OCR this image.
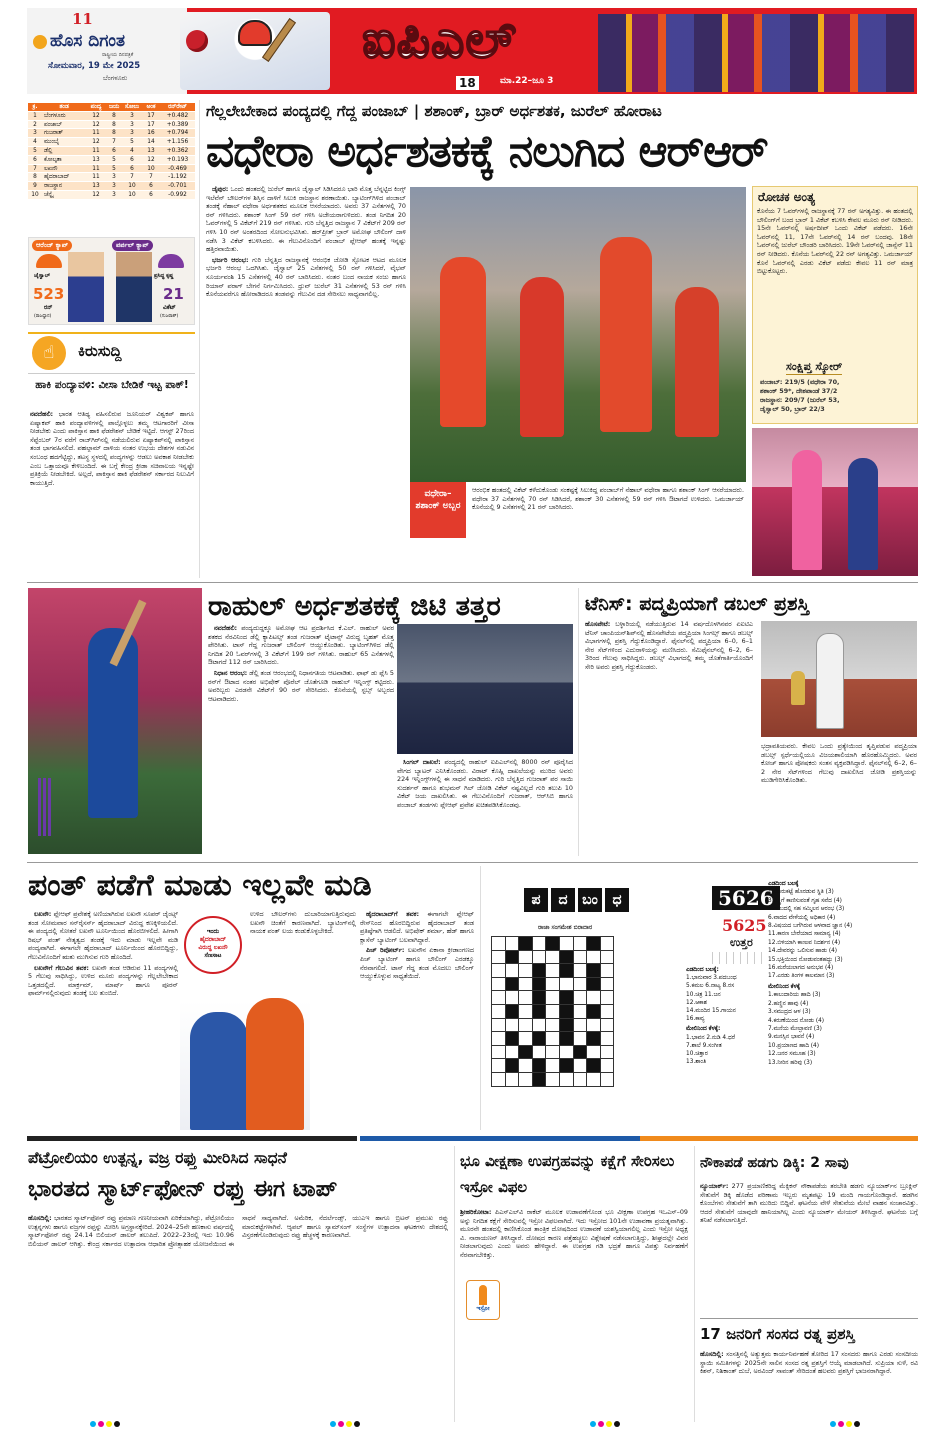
11
ಹೊಸ ದಿಗಂತ
ರಾಷ್ಟ್ರೀಯ ದಿನಪತ್ರಿಕೆ
ಸೋಮವಾರ, 19 ಮೇ 2025
ಬೆಂಗಳೂರು
ಐಪಿಎಲ್
18	ಮಾ.22–ಜೂ 3
ಕ್ರ.	ತಂಡ	ಪಂದ್ಯ	ಜಯ	ಸೋಲು	ಅಂಕ	ರನ್‌ರೇಟ್
1	ಬೆಂಗಳೂರು	12	8	3	17	+0.482
2	ಪಂಜಾಬ್	12	8	3	17	+0.389
3	ಗುಜರಾತ್	11	8	3	16	+0.794
4	ಮುಂಬೈ	12	7	5	14	+1.156
5	ಡೆಲ್ಲಿ	11	6	4	13	+0.362
6	ಕೋಲ್ಕತಾ	13	5	6	12	+0.193
7	ಲಖನೌ	11	5	6	10	-0.469
8	ಹೈದರಾಬಾದ್	11	3	7	7	-1.192
9	ರಾಜಸ್ಥಾನ	13	3	10	6	-0.701
10 ಚೆನ್ನೈ	12	3	10	6	-0.992
ಆರೆಂಜ್ ಕ್ಯಾಪ್	ಪರ್ಪಲ್ ಕ್ಯಾಪ್
ಜೈಸ್ವಾಲ್
523
ರನ್
(ರಾಜಸ್ಥಾನ)
ಪ್ರಸಿದ್ಧ ಕೃಷ್ಣ
21
ವಿಕೆಟ್
(ಗುಜರಾತ್)
☝	ಕಿರುಸುದ್ದಿ
ಹಾಕಿ ಪಂದ್ಯಾವಳಿ: ವೀಸಾ ಬೇಡಿಕೆ ಇಟ್ಟ ಪಾಕ್!
ನವದೆಹಲಿ: ಭಾರತ ಆತಿಥ್ಯ ವಹಿಸಲಿರುವ ಜೂನಿಯರ್ ವಿಶ್ವಕಪ್ ಹಾಗೂ ಏಷ್ಯಾಕಪ್ ಹಾಕಿ ಪಂದ್ಯಾವಳಿಗಳಲ್ಲಿ ಪಾಲ್ಗೊಳ್ಳಲು ತಮ್ಮ ಆಟಗಾರರಿಗೆ ವೀಸಾ ನೀಡಬೇಕು ಎಂದು ಪಾಕಿಸ್ತಾನ ಹಾಕಿ ಫೆಡರೇಶನ್ ಬೇಡಿಕೆ ಇಟ್ಟಿದೆ. ಆಗಸ್ಟ್ 27ರಿಂದ ಸೆಪ್ಟೆಂಬರ್ 7ರ ವರೆಗೆ ರಾಜ್‌ಗಿರ್‌ನಲ್ಲಿ ನಡೆಯಲಿರುವ ಏಷ್ಯಾಕಪ್‌ನಲ್ಲಿ ಪಾಕಿಸ್ತಾನ ತಂಡ ಭಾಗವಹಿಸಲಿದೆ. ಪಹಲ್ಗಾಮ್ ದಾಳಿಯ ನಂತರ ಉಭಯ ದೇಶಗಳ ನಡುವಿನ ಸಂಬಂಧ ಹದಗೆಟ್ಟಿದ್ದು, ತಟಸ್ಥ ಸ್ಥಳದಲ್ಲಿ ಪಂದ್ಯಗಳನ್ನು ಆಡಲು ಅವಕಾಶ ನೀಡಬೇಕು ಎಂಬ ಒತ್ತಾಯವೂ ಕೇಳಿಬಂದಿದೆ. ಈ ಬಗ್ಗೆ ಕೇಂದ್ರ ಕ್ರೀಡಾ ಸಚಿವಾಲಯ ಇನ್ನಷ್ಟೇ ಪ್ರತಿಕ್ರಿಯೆ ನೀಡಬೇಕಿದೆ. ಅಲ್ಲದೆ, ಪಾಕಿಸ್ತಾನ ಹಾಕಿ ಫೆಡರೇಶನ್ ಸರ್ಕಾರದ ನಿಲುವಿಗೆ ಕಾಯುತ್ತಿದೆ.
ಗೆಲ್ಲಲೇಬೇಕಾದ ಪಂದ್ಯದಲ್ಲಿ ಗೆದ್ದ ಪಂಜಾಬ್ | ಶಶಾಂಕ್, ಬ್ರಾರ್ ಅರ್ಧಶತಕ, ಜುರೆಲ್ ಹೋರಾಟ
ವಧೇರಾ ಅರ್ಧಶತಕಕ್ಕೆ ನಲುಗಿದ ಆರ್‌ಆರ್

ಜೈಪುರ: ಒಂದು ಹಂತದಲ್ಲಿ ಜುರೆಲ್ ಹಾಗೂ ಜೈಸ್ವಾಲ್ ಸಿಡಿಸಿದರೂ ಭಾರಿ ಮೊತ್ತ ಬೆನ್ನಟ್ಟಿದ ಕಿಂಗ್ಸ್ ಇಲೆವೆನ್ ಬೌಲರ್‌ಗಳ ಶಿಸ್ತಿನ ದಾಳಿಗೆ ಸಿಲುಕಿ ರಾಜಸ್ಥಾನ ಶರಣಾಯಿತು. ಬ್ಯಾಟಿಂಗ್‌ಗಿಳಿದ ಪಂಜಾಬ್ ತಂಡಕ್ಕೆ ನೆಹಾಲ್ ವಧೇರಾ ಅರ್ಧಶತಕದ ಮೂಲಕ ಆಸರೆಯಾದರು. ಅವರು 37 ಎಸೆತಗಳಲ್ಲಿ 70 ರನ್ ಗಳಿಸಿದರು. ಶಶಾಂಕ್ ಸಿಂಗ್ 59 ರನ್ ಗಳಿಸಿ ಅಜೇಯರಾಗುಳಿದರು. ತಂಡ ನಿಗದಿತ 20 ಓವರ್‌ಗಳಲ್ಲಿ 5 ವಿಕೆಟ್‌ಗೆ 219 ರನ್ ಗಳಿಸಿತು. ಗುರಿ ಬೆನ್ನತ್ತಿದ ರಾಜಸ್ಥಾನ 7 ವಿಕೆಟ್‌ಗೆ 209 ರನ್ ಗಳಿಸಿ 10 ರನ್ ಅಂತರದಿಂದ ಸೋಲನುಭವಿಸಿತು. ಹರ್‌ಪ್ರೀತ್ ಬ್ರಾರ್ ಅಮೋಘ ಬೌಲಿಂಗ್ ದಾಳಿ ನಡೆಸಿ 3 ವಿಕೆಟ್ ಕಬಳಿಸಿದರು. ಈ ಗೆಲುವಿನೊಂದಿಗೆ ಪಂಜಾಬ್ ಪ್ಲೇಆಫ್ ಹಂತಕ್ಕೆ ಇನ್ನಷ್ಟು ಹತ್ತಿರವಾಯಿತು.

ಭರ್ಜರಿ ಆರಂಭ: ಗುರಿ ಬೆನ್ನತ್ತಿದ ರಾಜಸ್ಥಾನಕ್ಕೆ ಆರಂಭಿಕ ಜೋಡಿ ಸ್ಫೋಟಕ ಆಟದ ಮೂಲಕ ಭರ್ಜರಿ ಆರಂಭ ಒದಗಿಸಿತು. ಜೈಸ್ವಾಲ್ 25 ಎಸೆತಗಳಲ್ಲಿ 50 ರನ್ ಗಳಿಸಿದರೆ, ವೈಭವ್ ಸೂರ್ಯವಂಶಿ 15 ಎಸೆತಗಳಲ್ಲಿ 40 ರನ್ ಬಾರಿಸಿದರು. ನಂತರ ಬಂದ ನಾಯಕ ಸಂಜು ಹಾಗೂ ರಿಯಾನ್ ಪರಾಗ್ ಬೇಗನೆ ನಿರ್ಗಮಿಸಿದರು. ಧ್ರುವ್ ಜುರೆಲ್ 31 ಎಸೆತಗಳಲ್ಲಿ 53 ರನ್ ಗಳಿಸಿ ಕೊನೆಯವರೆಗೂ ಹೋರಾಡಿದರೂ ತಂಡವನ್ನು ಗೆಲುವಿನ ದಡ ಸೇರಿಸಲು ಸಾಧ್ಯವಾಗಲಿಲ್ಲ.

ವಧೇರಾ–ಶಶಾಂಕ್ ಅಬ್ಬರ
ಆರಂಭಿಕ ಹಂತದಲ್ಲಿ ವಿಕೆಟ್ ಕಳೆದುಕೊಂಡು ಸಂಕಷ್ಟಕ್ಕೆ ಸಿಲುಕಿದ್ದ ಪಂಜಾಬ್‌ಗೆ ನೆಹಾಲ್ ವಧೇರಾ ಹಾಗೂ ಶಶಾಂಕ್ ಸಿಂಗ್ ಆಸರೆಯಾದರು. ವಧೇರಾ 37 ಎಸೆತಗಳಲ್ಲಿ 70 ರನ್ ಸಿಡಿಸಿದರೆ, ಶಶಾಂಕ್ 30 ಎಸೆತಗಳಲ್ಲಿ 59 ರನ್ ಗಳಿಸಿ ಔಟಾಗದೆ ಉಳಿದರು. ಒಮರ್ಜಾಯ್ ಕೊನೆಯಲ್ಲಿ 9 ಎಸೆತಗಳಲ್ಲಿ 21 ರನ್ ಬಾರಿಸಿದರು.
ರೋಚಕ ಅಂತ್ಯ
ಕೊನೆಯ 7 ಓವರ್‌ಗಳಲ್ಲಿ ರಾಜಸ್ಥಾನಕ್ಕೆ 77 ರನ್ ಅಗತ್ಯವಿತ್ತು. ಈ ಹಂತದಲ್ಲಿ ಬೌಲಿಂಗ್‌ಗೆ ಬಂದ ಬ್ರಾರ್ 1 ವಿಕೆಟ್ ಕಬಳಿಸಿ ಕೇವಲ ಮೂರು ರನ್ ನೀಡಿದರು. 15ನೇ ಓವರ್‌ನಲ್ಲಿ ಅರ್ಷದೀಪ್ ಒಂದು ವಿಕೆಟ್ ಪಡೆದರು. 16ನೇ ಓವರ್‌ನಲ್ಲಿ 11, 17ನೇ ಓವರ್‌ನಲ್ಲಿ 14 ರನ್ ಬಂದವು. 18ನೇ ಓವರ್‌ನಲ್ಲಿ ಜುರೆಲ್ ಬೌಂಡರಿ ಬಾರಿಸಿದರು. 19ನೇ ಓವರ್‌ನಲ್ಲಿ ಜಾನ್ಸೆನ್ 11 ರನ್ ನೀಡಿದರು. ಕೊನೆಯ ಓವರ್‌ನಲ್ಲಿ 22 ರನ್ ಅಗತ್ಯವಿತ್ತು. ಒಮರ್ಜಾಯ್ ಕೊನೆ ಓವರ್‌ನಲ್ಲಿ ಎರಡು ವಿಕೆಟ್ ಪಡೆದು ಕೇವಲ 11 ರನ್ ಮಾತ್ರ ಬಿಟ್ಟುಕೊಟ್ಟರು.
ಸಂಕ್ಷಿಪ್ತ ಸ್ಕೋರ್
ಪಂಜಾಬ್: 219/5 (ವಧೇರಾ 70,
ಶಶಾಂಕ್ 59*, ದೇಶಪಾಂಡೆ 37/2
ರಾಜಸ್ಥಾನ: 209/7 (ಜುರೆಲ್ 53,
ಜೈಸ್ವಾಲ್ 50, ಬ್ರಾರ್ 22/3
ರಾಹುಲ್ ಅರ್ಧಶತಕಕ್ಕೆ ಜಿಟಿ ತತ್ತರ

ನವದೆಹಲಿ: ಪಂದ್ಯದುದ್ದಕ್ಕೂ ಅಮೋಘ ಆಟ ಪ್ರದರ್ಶಿಸಿದ ಕೆ.ಎಲ್. ರಾಹುಲ್ ಅವರ ಶತಕದ ನೆರವಿನಿಂದ ಡೆಲ್ಲಿ ಕ್ಯಾಪಿಟಲ್ಸ್ ತಂಡ ಗುಜರಾತ್ ಟೈಟಾನ್ಸ್ ವಿರುದ್ಧ ಬೃಹತ್ ಮೊತ್ತ ಪೇರಿಸಿತು. ಟಾಸ್ ಗೆದ್ದ ಗುಜರಾತ್ ಬೌಲಿಂಗ್ ಆಯ್ದುಕೊಂಡಿತು. ಬ್ಯಾಟಿಂಗ್‌ಗಿಳಿದ ಡೆಲ್ಲಿ ನಿಗದಿತ 20 ಓವರ್‌ಗಳಲ್ಲಿ 3 ವಿಕೆಟ್‌ಗೆ 199 ರನ್ ಗಳಿಸಿತು. ರಾಹುಲ್ 65 ಎಸೆತಗಳಲ್ಲಿ ಔಟಾಗದೆ 112 ರನ್ ಬಾರಿಸಿದರು.

ನಿಧಾನ ಆರಂಭ: ಡೆಲ್ಲಿ ತಂಡ ಆರಂಭದಲ್ಲಿ ನಿಧಾನಗತಿಯ ಆಟವಾಡಿತು. ಫಾಫ್ ಡು ಪ್ಲೆಸಿ 5 ರನ್‌ಗೆ ಔಟಾದ ನಂತರ ಅಭಿಷೇಕ್ ಪೊರೆಲ್ ಜೊತೆಗೂಡಿ ರಾಹುಲ್ ಇನ್ನಿಂಗ್ಸ್ ಕಟ್ಟಿದರು. ಅವರಿಬ್ಬರು ಎರಡನೇ ವಿಕೆಟ್‌ಗೆ 90 ರನ್ ಸೇರಿಸಿದರು. ಕೊನೆಯಲ್ಲಿ ಸ್ಟಬ್ಸ್ ಅಬ್ಬರದ ಆಟವಾಡಿದರು.

ಸಿಂಗಲ್ ದಾಖಲೆ: ಪಂದ್ಯದಲ್ಲಿ ರಾಹುಲ್ ಐಪಿಎಲ್‌ನಲ್ಲಿ 8000 ರನ್ ಪೂರೈಸಿದ ವೇಗದ ಬ್ಯಾಟರ್ ಎನಿಸಿಕೊಂಡರು. ವಿರಾಟ್ ಕೊಹ್ಲಿ ದಾಖಲೆಯನ್ನು ಮುರಿದ ಅವರು 224 ಇನ್ನಿಂಗ್ಸ್‌ಗಳಲ್ಲಿ ಈ ಸಾಧನೆ ಮಾಡಿದರು. ಗುರಿ ಬೆನ್ನತ್ತಿದ ಗುಜರಾತ್ ಪರ ಸಾಯಿ ಸುದರ್ಶನ್ ಹಾಗೂ ಶುಭಮನ್ ಗಿಲ್ ಜೋಡಿ ವಿಕೆಟ್ ನಷ್ಟವಿಲ್ಲದೆ ಗುರಿ ತಲುಪಿ 10 ವಿಕೆಟ್ ಜಯ ದಾಖಲಿಸಿತು. ಈ ಗೆಲುವಿನೊಂದಿಗೆ ಗುಜರಾತ್, ಆರ್‌ಸಿಬಿ ಹಾಗೂ ಪಂಜಾಬ್ ತಂಡಗಳು ಪ್ಲೇಆಫ್ ಪ್ರವೇಶ ಖಚಿತಪಡಿಸಿಕೊಂಡವು.

ಟೆನಿಸ್: ಪದ್ಮಪ್ರಿಯಾಗೆ ಡಬಲ್ ಪ್ರಶಸ್ತಿ
ಹೊಸಪೇಟೆ: ಬಳ್ಳಾರಿಯಲ್ಲಿ ನಡೆಯುತ್ತಿರುವ 14 ವರ್ಷದೊಳಗಿನವರ ಏಐಟಿಎ ಟೆನಿಸ್ ಚಾಂಪಿಯನ್‌ಶಿಪ್‌ನಲ್ಲಿ ಹೊಸಪೇಟೆಯ ಪದ್ಮಪ್ರಿಯಾ ಸಿಂಗಲ್ಸ್ ಹಾಗೂ ಡಬಲ್ಸ್ ವಿಭಾಗಗಳಲ್ಲಿ ಪ್ರಶಸ್ತಿ ಗೆದ್ದುಕೊಂಡಿದ್ದಾರೆ. ಫೈನಲ್‌ನಲ್ಲಿ ಪದ್ಮಪ್ರಿಯಾ 6–0, 6–1 ನೇರ ಸೆಟ್‌ಗಳಿಂದ ಎದುರಾಳಿಯನ್ನು ಮಣಿಸಿದರು. ಸೆಮಿಫೈನಲ್‌ನಲ್ಲಿ 6–2, 6–3ರಿಂದ ಗೆಲುವು ಸಾಧಿಸಿದ್ದರು. ಡಬಲ್ಸ್ ವಿಭಾಗದಲ್ಲಿ ತಮ್ಮ ಜೊತೆಗಾರ್ತಿಯೊಂದಿಗೆ ಸೇರಿ ಅವರು ಪ್ರಶಸ್ತಿ ಗೆದ್ದುಕೊಂಡರು.
ಭದ್ರಾವತಿಯವರು. ಕೇವಲ ಒಂದು ಪ್ರತ್ಯೇಯಿಂದ ತೃಪ್ತಿಪಡುವ ಪದ್ಮಪ್ರಿಯಾ ಡಬಲ್ಸ್ ಸ್ಪರ್ಧೆಯಲ್ಲಿಯೂ ವಿಜಯಶಾಲಿಯಾಗಿ ಹೊರಹೊಮ್ಮಿದರು. ಅವರ ಕೋಚ್ ಹಾಗೂ ಪೋಷಕರು ಸಂತಸ ವ್ಯಕ್ತಪಡಿಸಿದ್ದಾರೆ. ಫೈನಲ್‌ನಲ್ಲಿ 6–2, 6–2 ನೇರ ಸೆಟ್‌ಗಳಿಂದ ಗೆಲುವು ದಾಖಲಿಸಿದ ಜೋಡಿ ಪ್ರಶಸ್ತಿಯನ್ನು ಮುಡಿಗೇರಿಸಿಕೊಂಡಿತು.
ಪಂತ್ ಪಡೆಗೆ ಮಾಡು ಇಲ್ಲವೇ ಮಡಿ

ಲಖನೌ: ಪ್ಲೇಆಫ್ ಪ್ರವೇಶಕ್ಕೆ ಅಣಿಯಾಗಿರುವ ಲಖನೌ ಸೂಪರ್ ಜೈಂಟ್ಸ್ ತಂಡ ಸೋಮವಾರ ಸನ್‌ರೈಸರ್ಸ್ ಹೈದರಾಬಾದ್ ವಿರುದ್ಧ ಕಣಕ್ಕಿಳಿಯಲಿದೆ. ಈ ಪಂದ್ಯದಲ್ಲಿ ಸೋತರೆ ಲಖನೌ ಟೂರ್ನಿಯಿಂದ ಹೊರಬೀಳಲಿದೆ. ಹೀಗಾಗಿ ರಿಷಭ್ ಪಂತ್ ನೇತೃತ್ವದ ತಂಡಕ್ಕೆ ಇದು ಮಾಡು ಇಲ್ಲವೇ ಮಡಿ ಪಂದ್ಯವಾಗಿದೆ. ಈಗಾಗಲೇ ಹೈದರಾಬಾದ್ ಟೂರ್ನಿಯಿಂದ ಹೊರಬಿದ್ದಿದ್ದು, ಗೆಲುವಿನೊಂದಿಗೆ ಋತು ಮುಗಿಸುವ ಗುರಿ ಹೊಂದಿದೆ.

ಲಖನೌಗೆ ಗೆಲುವಿನ ತವಕ: ಲಖನೌ ತಂಡ ಆಡಿರುವ 11 ಪಂದ್ಯಗಳಲ್ಲಿ 5 ಗೆಲುವು ಸಾಧಿಸಿದ್ದು, ಉಳಿದ ಮೂರು ಪಂದ್ಯಗಳನ್ನು ಗೆಲ್ಲಲೇಬೇಕಾದ ಒತ್ತಡದಲ್ಲಿದೆ. ಮಾರ್ಕ್ರಮ್, ಮಾರ್ಷ್ ಹಾಗೂ ಪೂರನ್ ಫಾರ್ಮ್‌ನಲ್ಲಿರುವುದು ತಂಡಕ್ಕೆ ಬಲ ತುಂಬಿದೆ.

ಇಂದು
ಹೈದರಾಬಾದ್
ವಿರುದ್ಧ ಲಖನೌ
ಸೆಣಸಾಟ
ಉಳಿದ ಬೌಲರ್‌ಗಳು ದುಬಾರಿಯಾಗುತ್ತಿರುವುದು ಲಖನೌ ಚಿಂತೆಗೆ ಕಾರಣವಾಗಿದೆ. ಬ್ಯಾಟಿಂಗ್‌ನಲ್ಲಿ ನಾಯಕ ಪಂತ್ ಲಯ ಕಂಡುಕೊಳ್ಳಬೇಕಿದೆ.

ಹೈದರಾಬಾದ್‌ಗೆ ತವಕ: ಈಗಾಗಲೇ ಪ್ಲೇಆಫ್ ರೇಸ್‌ನಿಂದ ಹೊರಬಿದ್ದಿರುವ ಹೈದರಾಬಾದ್ ತಂಡ ಪ್ರತಿಷ್ಠೆಗಾಗಿ ಆಡಲಿದೆ. ಅಭಿಷೇಕ್ ಶರ್ಮಾ, ಹೆಡ್ ಹಾಗೂ ಕ್ಲಾಸೆನ್ ಬ್ಯಾಟಿಂಗ್ ಬಲವಾಗಿದ್ದಾರೆ.

ಪಿಚ್ ರಿಪೋರ್ಟ್: ಲಖನೌನ ಏಕಾನಾ ಕ್ರೀಡಾಂಗಣದ ಪಿಚ್ ಬ್ಯಾಟಿಂಗ್ ಹಾಗೂ ಬೌಲಿಂಗ್ ಎರಡಕ್ಕೂ ನೆರವಾಗಲಿದೆ. ಟಾಸ್ ಗೆದ್ದ ತಂಡ ಮೊದಲು ಬೌಲಿಂಗ್ ಆಯ್ದುಕೊಳ್ಳುವ ಸಾಧ್ಯತೆಯಿದೆ.

ಪ	ದ	ಬಂ	ಧ
ರಾಜಾ ಸಂಗಮೇಶ ಬಿರಾದಾರ

5626
5625
ಉತ್ತರ
ಎಡದಿಂದ ಬಲಕ್ಕೆ:
1.ಭಾನುವಾರ 3.ಪದಬಂಧ
5.ಕಮಲ 6.ನಾಟ್ಯ 8.ರಸ
10.ಚಿತ್ರ 11.ಜನ
12.ಆಕಾಶ
14.ಮಂದಿರ 15.ಗಾಯನ
16.ಕಾವ್ಯ
ಮೇಲಿನಿಂದ ಕೆಳಕ್ಕೆ:
1.ಭಾವನ 2.ನುಡಿ 4.ಧರೆ
7.ಶಾಲೆ 9.ಸಂಗೀತ
10.ಚಿತ್ತಾರ
13.ಶಾಂತಿ
ಎಡದಿಂದ ಬಲಕ್ಕೆ
1.ಮಾರುಕಟ್ಟೆ ಹೊರಡುವ ಸ್ಥಿತಿ (3)
3.ಕಣ್ಣಿಗೆ ಕಾಣಿಸುವಂತೆ ಗೃಹ ಸವೆದ (4)
5.ಗರಬದಲ್ಲಿ ಸಹ ಸಮ್ಮಿಲನ ಆರಂಭ (3)
6.ವಾದದ ವೇಳೆಯಲ್ಲಿ ಅಧಿಕಾರ (4)
8.ವಿಷಯದ ಬಗೆಗಿರುವ ಆಳವಾದ ಜ್ಞಾನ (4)
11.ಕಾರಣ ಬೇರೆಯಾದ ಸಾಮಾನ್ಯ (4)
12.ಬಿಳಿಯಾಗಿ ಕಾಣುವ ನಿದರ್ಶನ (4)
14.ದೇವರನ್ನು ಒಲಿಸುವ ಹಾಡು (4)
15.ಭಕ್ತಿಯಿಂದ ನೋಡುವಂತಹದ್ದು (3)
16.ಮರೆಯಲಾಗದ ಅನುಭವ (4)
17.ಎರಡು ತಿಂಗಳ ಕಾಲಮಾನ (3)
ಮೇಲಿನಿಂದ ಕೆಳಕ್ಕೆ
1.ಕಾಲುದಾರಿಯ ಹಾದಿ (3)
2.ಹಣ್ಣಿನ ಹಾವು (4)
3.ಸಮುದ್ರದ ಆಳ (3)
4.ಕರುಣೆಯಿಂದ ನೋಡು (4)
7.ಮನೆಯ ಮೇಲ್ಛಾವಣಿ (3)
9.ಮನಸ್ಸಿನ ಭಾವನೆ (4)
10.ಪ್ರಯಾಣದ ಹಾದಿ (4)
12.ಜನರ ಸಮೂಹ (3)
13.ನೀರಿನ ಹರಿವು (3)
ಪೆಟ್ರೋಲಿಯಂ ಉತ್ಪನ್ನ, ವಜ್ರ ರಫ್ತು ಮೀರಿಸಿದ ಸಾಧನೆ
ಭಾರತದ ಸ್ಮಾರ್ಟ್‌ಫೋನ್ ರಫ್ತು ಈಗ ಟಾಪ್
ಹೊಸದಿಲ್ಲಿ: ಭಾರತದ ಸ್ಮಾರ್ಟ್‌ಫೋನ್ ರಫ್ತು ಪ್ರಮಾಣ ಗಣನೀಯವಾಗಿ ಏರಿಕೆಯಾಗಿದ್ದು, ಪೆಟ್ರೋಲಿಯಂ ಉತ್ಪನ್ನಗಳು ಹಾಗೂ ವಜ್ರಗಳ ರಫ್ತನ್ನು ಮೀರಿಸಿ ಅಗ್ರಸ್ಥಾನಕ್ಕೇರಿದೆ. 2024–25ನೇ ಹಣಕಾಸು ವರ್ಷದಲ್ಲಿ ಸ್ಮಾರ್ಟ್‌ಫೋನ್ ರಫ್ತು 24.14 ಬಿಲಿಯನ್ ಡಾಲರ್ ತಲುಪಿದೆ. 2022–23ರಲ್ಲಿ ಇದು 10.96 ಬಿಲಿಯನ್ ಡಾಲರ್ ಆಗಿತ್ತು. ಕೇಂದ್ರ ಸರ್ಕಾರದ ಉತ್ಪಾದನಾ ಆಧಾರಿತ ಪ್ರೋತ್ಸಾಹಕ ಯೋಜನೆಯಿಂದ ಈ ಸಾಧನೆ ಸಾಧ್ಯವಾಗಿದೆ. ಅಮೆರಿಕ, ನೆದರ್ಲೆಂಡ್ಸ್, ಯುಎಇ ಹಾಗೂ ಬ್ರಿಟನ್ ಪ್ರಮುಖ ರಫ್ತು ಮಾರುಕಟ್ಟೆಗಳಾಗಿವೆ. ಆ್ಯಪಲ್ ಹಾಗೂ ಸ್ಯಾಮ್‌ಸಂಗ್ ಸಂಸ್ಥೆಗಳ ಉತ್ಪಾದನಾ ಘಟಕಗಳು ದೇಶದಲ್ಲಿ ವಿಸ್ತರಣೆಗೊಂಡಿರುವುದು ರಫ್ತು ಹೆಚ್ಚಳಕ್ಕೆ ಕಾರಣವಾಗಿದೆ.
ಭೂ ವೀಕ್ಷಣಾ ಉಪಗ್ರಹವನ್ನು ಕಕ್ಷೆಗೆ ಸೇರಿಸಲು ಇಸ್ರೋ ವಿಫಲ
ಶ್ರೀಹರಿಕೋಟಾ: ಪಿಎಸ್‌ಎಲ್‌ವಿ ರಾಕೆಟ್ ಮೂಲಕ ಉಡಾವಣೆಗೊಂಡ ಭೂ ವೀಕ್ಷಣಾ ಉಪಗ್ರಹ ಇಒಎಸ್–09 ಅನ್ನು ನಿಗದಿತ ಕಕ್ಷೆಗೆ ಸೇರಿಸುವಲ್ಲಿ ಇಸ್ರೋ ವಿಫಲವಾಗಿದೆ. ಇದು ಇಸ್ರೋದ 101ನೇ ಉಡಾವಣಾ ಪ್ರಯತ್ನವಾಗಿತ್ತು. ಮೂರನೇ ಹಂತದಲ್ಲಿ ಕಾಣಿಸಿಕೊಂಡ ತಾಂತ್ರಿಕ ದೋಷದಿಂದ ಉಡಾವಣೆ ಯಶಸ್ವಿಯಾಗಲಿಲ್ಲ ಎಂದು ಇಸ್ರೋ ಅಧ್ಯಕ್ಷ ವಿ. ನಾರಾಯಣನ್ ತಿಳಿಸಿದ್ದಾರೆ. ದೋಷದ ಕಾರಣ ಪತ್ತೆಹಚ್ಚಲು ವಿಶ್ಲೇಷಣೆ ನಡೆಸಲಾಗುತ್ತಿದ್ದು, ಶೀಘ್ರದಲ್ಲೇ ವಿವರ ನೀಡಲಾಗುವುದು ಎಂದು ಅವರು ಹೇಳಿದ್ದಾರೆ. ಈ ಉಪಗ್ರಹ ಗಡಿ ಭದ್ರತೆ ಹಾಗೂ ವಿಪತ್ತು ನಿರ್ವಹಣೆಗೆ ನೆರವಾಗಬೇಕಿತ್ತು.
ಇಸ್ರೋ
ನೌಕಾಪಡೆ ಹಡಗು ಡಿಕ್ಕಿ: 2 ಸಾವು
ನ್ಯೂಯಾರ್ಕ್: 277 ಪ್ರಯಾಣಿಕರಿದ್ದ ಮೆಕ್ಸಿಕನ್ ನೌಕಾಪಡೆಯ ತರಬೇತಿ ಹಡಗು ನ್ಯೂಯಾರ್ಕ್‌ನ ಬ್ರೂಕ್ಲಿನ್ ಸೇತುವೆಗೆ ಡಿಕ್ಕಿ ಹೊಡೆದ ಪರಿಣಾಮ ಇಬ್ಬರು ಮೃತಪಟ್ಟು 19 ಮಂದಿ ಗಾಯಗೊಂಡಿದ್ದಾರೆ. ಹಡಗಿನ ಕೊಂಬೆಗಳು ಸೇತುವೆಗೆ ತಾಗಿ ಮುರಿದು ಬಿದ್ದಿವೆ. ಘಟನೆಯ ವೇಳೆ ಸೇತುವೆಯ ಮೇಲೆ ವಾಹನ ಸಂಚಾರವಿತ್ತು. ಆದರೆ ಸೇತುವೆಗೆ ಯಾವುದೇ ಹಾನಿಯಾಗಿಲ್ಲ ಎಂದು ನ್ಯೂಯಾರ್ಕ್ ಮೇಯರ್ ತಿಳಿಸಿದ್ದಾರೆ. ಘಟನೆಯ ಬಗ್ಗೆ ತನಿಖೆ ನಡೆಸಲಾಗುತ್ತಿದೆ.
17 ಜನರಿಗೆ ಸಂಸದ ರತ್ನ ಪ್ರಶಸ್ತಿ
ಹೊಸದಿಲ್ಲಿ: ಸಂಸತ್ತಿನಲ್ಲಿ ಅತ್ಯುತ್ತಮ ಕಾರ್ಯನಿರ್ವಹಣೆ ತೋರಿದ 17 ಸಂಸದರು ಹಾಗೂ ಎರಡು ಸಂಸದೀಯ ಸ್ಥಾಯಿ ಸಮಿತಿಗಳನ್ನು 2025ನೇ ಸಾಲಿನ ಸಂಸದ ರತ್ನ ಪ್ರಶಸ್ತಿಗೆ ಆಯ್ಕೆ ಮಾಡಲಾಗಿದೆ. ಸುಪ್ರಿಯಾ ಸುಳೆ, ರವಿ ಕಿಶನ್, ನಿಶಿಕಾಂತ್ ದುಬೆ, ಅರವಿಂದ್ ಸಾವಂತ್ ಸೇರಿದಂತೆ ಹಲವರು ಪ್ರಶಸ್ತಿಗೆ ಭಾಜನರಾಗಿದ್ದಾರೆ.
